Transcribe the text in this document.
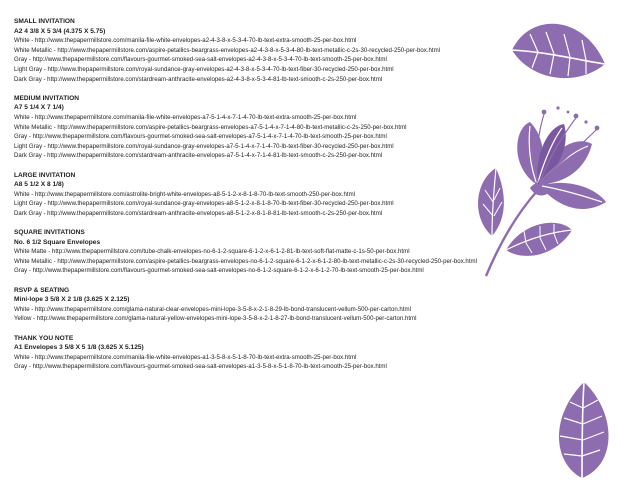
SMALL INVITATION
A2 4 3/8 X 5 3/4 (4.375 X 5.75)
White - http://www.thepapermillstore.com/manila-file-white-envelopes-a2-4-3-8-x-5-3-4-70-lb-text-extra-smooth-25-per-box.html
White Metallic - http://www.thepapermillstore.com/aspire-petallics-beargrass-envelopes-a2-4-3-8-x-5-3-4-80-lb-text-metallic-c-2s-30-recycled-250-per-box.html
Gray - http://www.thepapermillstore.com/flavours-gourmet-smoked-sea-salt-envelopes-a2-4-3-8-x-5-3-4-70-lb-text-smooth-25-per-box.html
Light Gray - http://www.thepapermillstore.com/royal-sundance-gray-envelopes-a2-4-3-8-x-5-3-4-70-lb-text-fiber-30-recycled-250-per-box.html
Dark Gray - http://www.thepapermillstore.com/stardream-anthracite-envelopes-a2-4-3-8-x-5-3-4-81-lb-text-smooth-c-2s-250-per-box.html
MEDIUM INVITATION
A7 5 1/4 X 7 1/4)
White - http://www.thepapermillstore.com/manila-file-white-envelopes-a7-5-1-4-x-7-1-4-70-lb-text-extra-smooth-25-per-box.html
White Metallic - http://www.thepapermillstore.com/aspire-petallics-beargrass-envelopes-a7-5-1-4-x-7-1-4-80-lb-text-metallic-c-2s-250-per-box.html
Gray - http://www.thepapermillstore.com/flavours-gourmet-smoked-sea-salt-envelopes-a7-5-1-4-x-7-1-4-70-lb-text-smooth-25-per-box.html
Light Gray - http://www.thepapermillstore.com/royal-sundance-gray-envelopes-a7-5-1-4-x-7-1-4-70-lb-text-fiber-30-recycled-250-per-box.html
Dark Gray - http://www.thepapermillstore.com/stardream-anthracite-envelopes-a7-5-1-4-x-7-1-4-81-lb-text-smooth-c-2s-250-per-box.html
LARGE INVITATION
A8 5 1/2 X 8 1/8)
White - http://www.thepapermillstore.com/astrolite-bright-white-envelopes-a8-5-1-2-x-8-1-8-70-lb-text-smooth-250-per-box.html
Light Gray - http://www.thepapermillstore.com/royal-sundance-gray-envelopes-a8-5-1-2-x-8-1-8-70-lb-text-fiber-30-recycled-250-per-box.html
Dark Gray - http://www.thepapermillstore.com/stardream-anthracite-envelopes-a8-5-1-2-x-8-1-8-81-lb-text-smooth-c-2s-250-per-box.html
SQUARE INVITATIONS
No. 6 1/2 Square Envelopes
White Matte - http://www.thepapermillstore.com/tube-chalk-envelopes-no-6-1-2-square-6-1-2-x-6-1-2-81-lb-text-soft-flat-matte-c-1s-50-per-box.html
White Metallic - http://www.thepapermillstore.com/aspire-petallics-beargrass-envelopes-no-6-1-2-square-6-1-2-x-6-1-2-80-lb-text-metallic-c-2s-30-recycled-250-per-box.html
Gray - http://www.thepapermillstore.com/flavours-gourmet-smoked-sea-salt-envelopes-no-6-1-2-square-6-1-2-x-6-1-2-70-lb-text-smooth-25-per-box.html
RSVP & SEATING
Mini-lope 3 5/8 X 2 1/8 (3.625 X 2.125)
White - http://www.thepapermillstore.com/glama-natural-clear-envelopes-mini-lope-3-5-8-x-2-1-8-29-lb-bond-translucent-vellum-500-per-carton.html
Yellow - http://www.thepapermillstore.com/glama-natural-yellow-envelopes-mini-lope-3-5-8-x-2-1-8-27-lb-bond-translucent-vellum-500-per-carton.html
THANK YOU NOTE
A1 Envelopes 3 5/8 X 5 1/8 (3.625 X 5.125)
White - http://www.thepapermillstore.com/manila-file-white-envelopes-a1-3-5-8-x-5-1-8-70-lb-text-extra-smooth-25-per-box.html
Gray - http://www.thepapermillstore.com/flavours-gourmet-smoked-sea-salt-envelopes-a1-3-5-8-x-5-1-8-70-lb-text-smooth-25-per-box.html
